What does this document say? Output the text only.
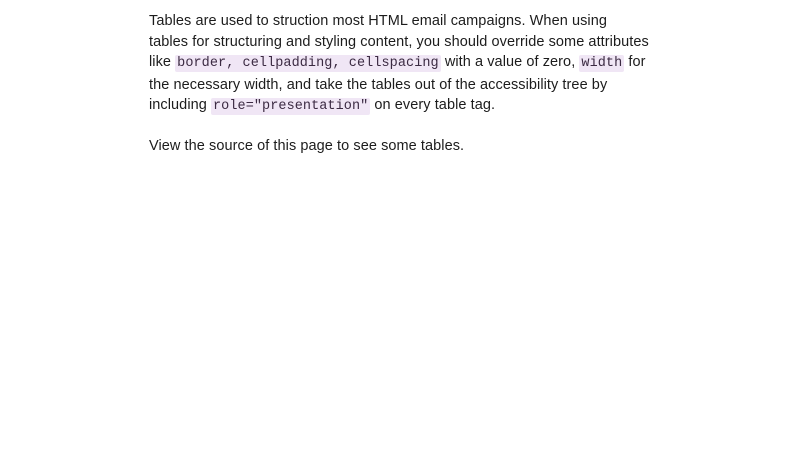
Tables are used to struction most HTML email campaigns. When using tables for structuring and styling content, you should override some attributes like border, cellpadding, cellspacing with a value of zero, width for the necessary width, and take the tables out of the accessibility tree by including role="presentation" on every table tag.

View the source of this page to see some tables.
